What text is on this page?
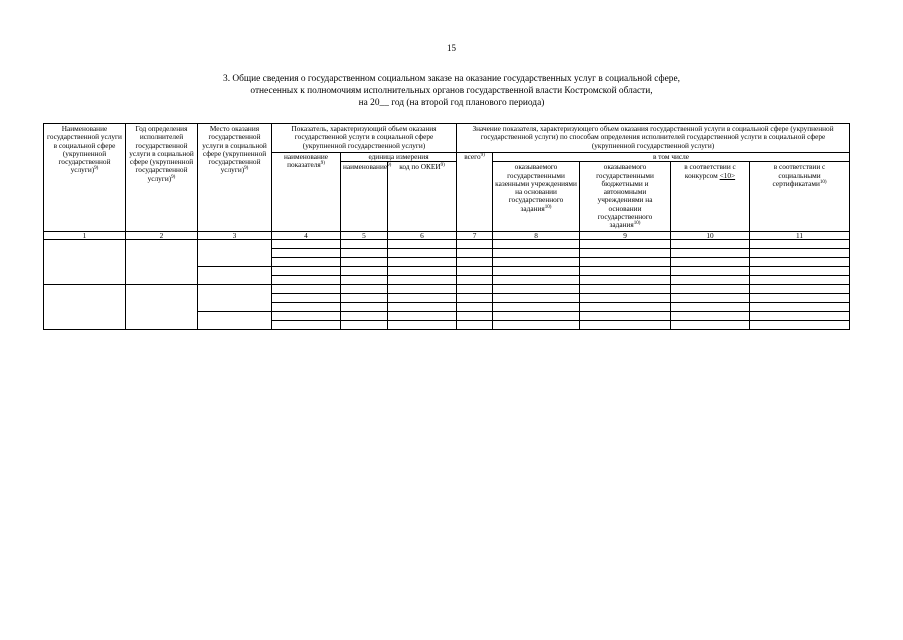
15
3. Общие сведения о государственном социальном заказе на оказание государственных услуг в социальной сфере,
отнесенных к полномочиям исполнительных органов государственной власти Костромской области,
на 20__ год (на второй год планового периода)
Наименование государственной услуги в социальной сфере (укрупненной государственной услуги)$^{9)}$	Год определения исполнителей государственной услуги в социальной сфере (укрупненной государственной услуги)$^{9)}$	Место оказания государственной услуги в социальной сфере (укрупненной государственной услуги)$^{9)}$	Показатель, характеризующий объем оказания государственной услуги в социальной сфере (укрупненной государственной услуги)			Значение показателя, характеризующего объем оказания государственной услуги в социальной сфере (укрупненной государственной услуги) по способам определения исполнителей государственной услуги в социальной сфере (укрупненной государственной услуги)				
			наименование показателя$^{9)}$	единица измерения		всего$^{9)}$	в том числе			
				наименование$^{9)}$	код по ОКЕИ$^{9)}$		оказываемого государственными казенными учреждениями на основании государственного задания$^{10)}$	оказываемого государственными бюджетными и автономными учреждениями на основании государственного задания$^{10)}$	в соответствии с конкурсом <10>	в соответствии с социальными сертификатами$^{10)}$

1	2	3	4	5	6	7	8	9	10	11
